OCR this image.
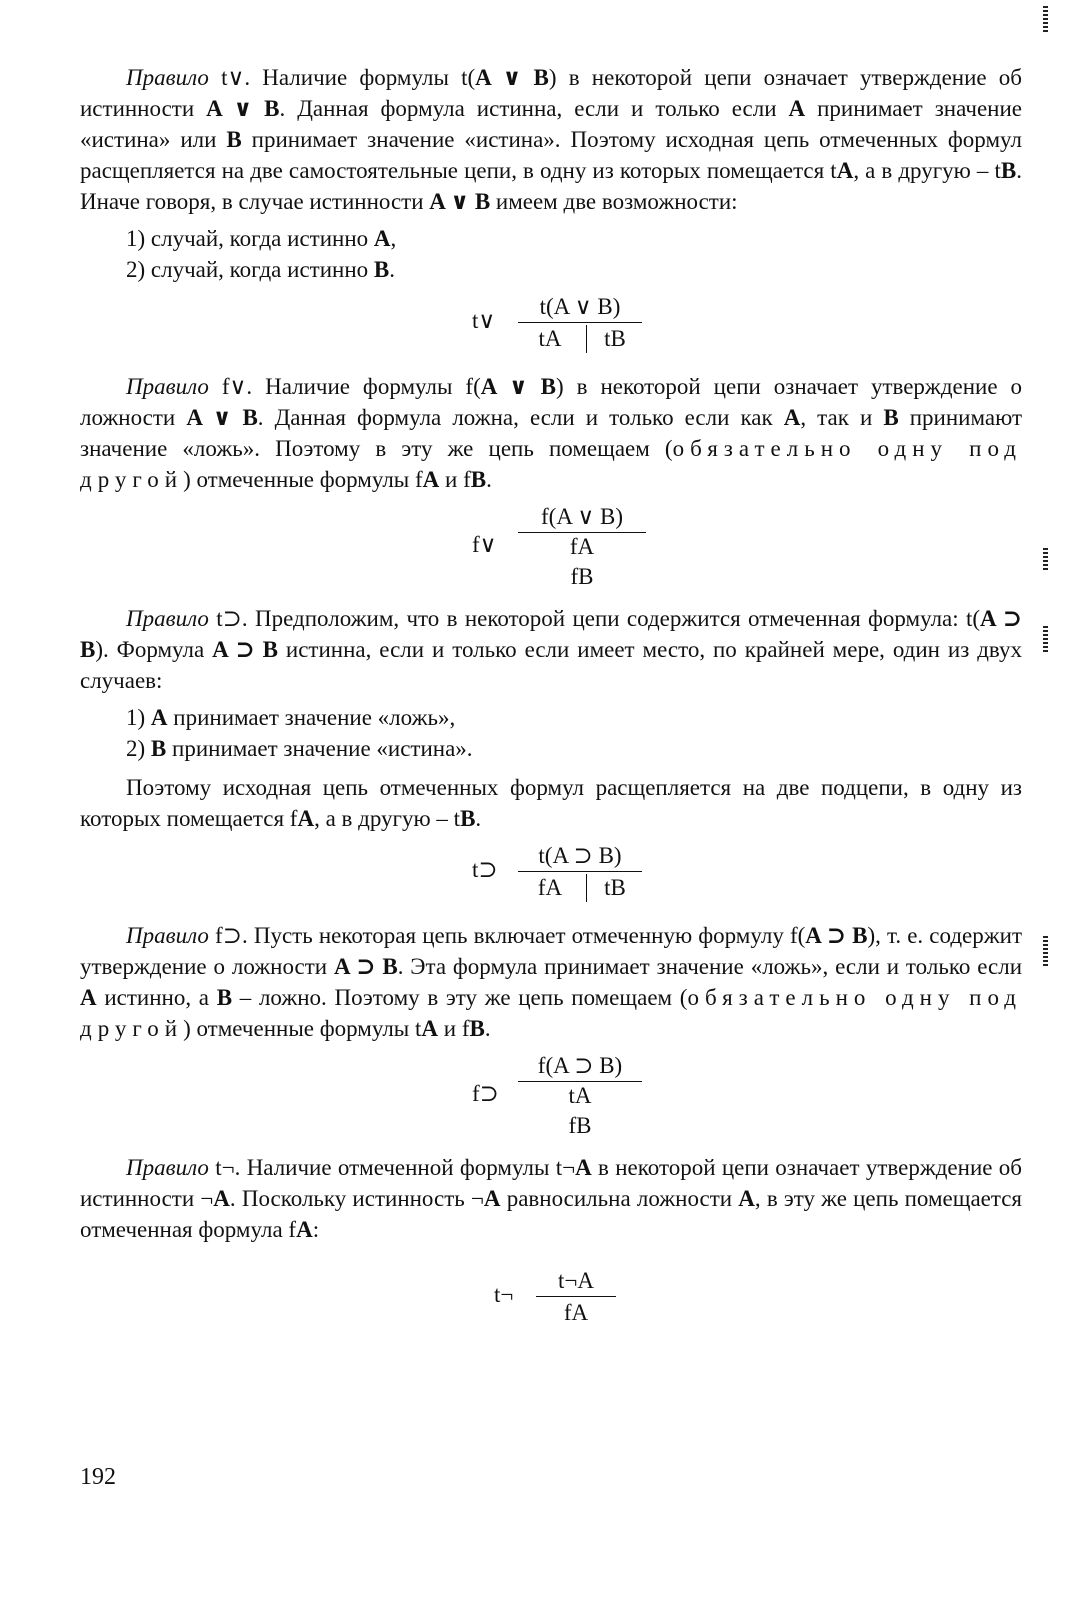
Правило t∨. Наличие формулы t(A ∨ B) в некоторой цепи означает утверждение об истинности A ∨ B. Данная формула истинна, если и только если A принимает значение «истина» или B принимает значение «истина». Поэтому исходная цепь отмеченных формул расщепляется на две самостоятельные цепи, в одну из которых помещается tA, а в другую – tB. Иначе говоря, в случае истинности A ∨ B имеем две возможности:

1) случай, когда истинно A,
2) случай, когда истинно B.
t∨
t(A ∨ B)
tA	tB

Правило f∨. Наличие формулы f(A ∨ B) в некоторой цепи означает утверждение о ложности A ∨ B. Данная формула ложна, если и только если как A, так и B принимают значение «ложь». Поэтому в эту же цепь помещаем (обязательно одну под другой) отмеченные формулы fA и fB.

f∨
f(A ∨ B)
fA
fB

Правило t⊃. Предположим, что в некоторой цепи содержится отмеченная формула: t(A ⊃ B). Формула A ⊃ B истинна, если и только если имеет место, по крайней мере, один из двух случаев:

1) A принимает значение «ложь»,
2) B принимает значение «истина».

Поэтому исходная цепь отмеченных формул расщепляется на две подцепи, в одну из которых помещается fA, а в другую – tB.

t⊃
t(A ⊃ B)
fA	tB

Правило f⊃. Пусть некоторая цепь включает отмеченную формулу f(A ⊃ B), т. е. содержит утверждение о ложности A ⊃ B. Эта формула принимает значение «ложь», если и только если A истинно, а B – ложно. Поэтому в эту же цепь помещаем (обязательно одну под другой) отмеченные формулы tA и fB.

f⊃
f(A ⊃ B)
tA
fB

Правило t¬. Наличие отмеченной формулы t¬A в некоторой цепи означает утверждение об истинности ¬A. Поскольку истинность ¬A равносильна ложности A, в эту же цепь помещается отмеченная формула fA:

t¬
t¬A
fA
192
